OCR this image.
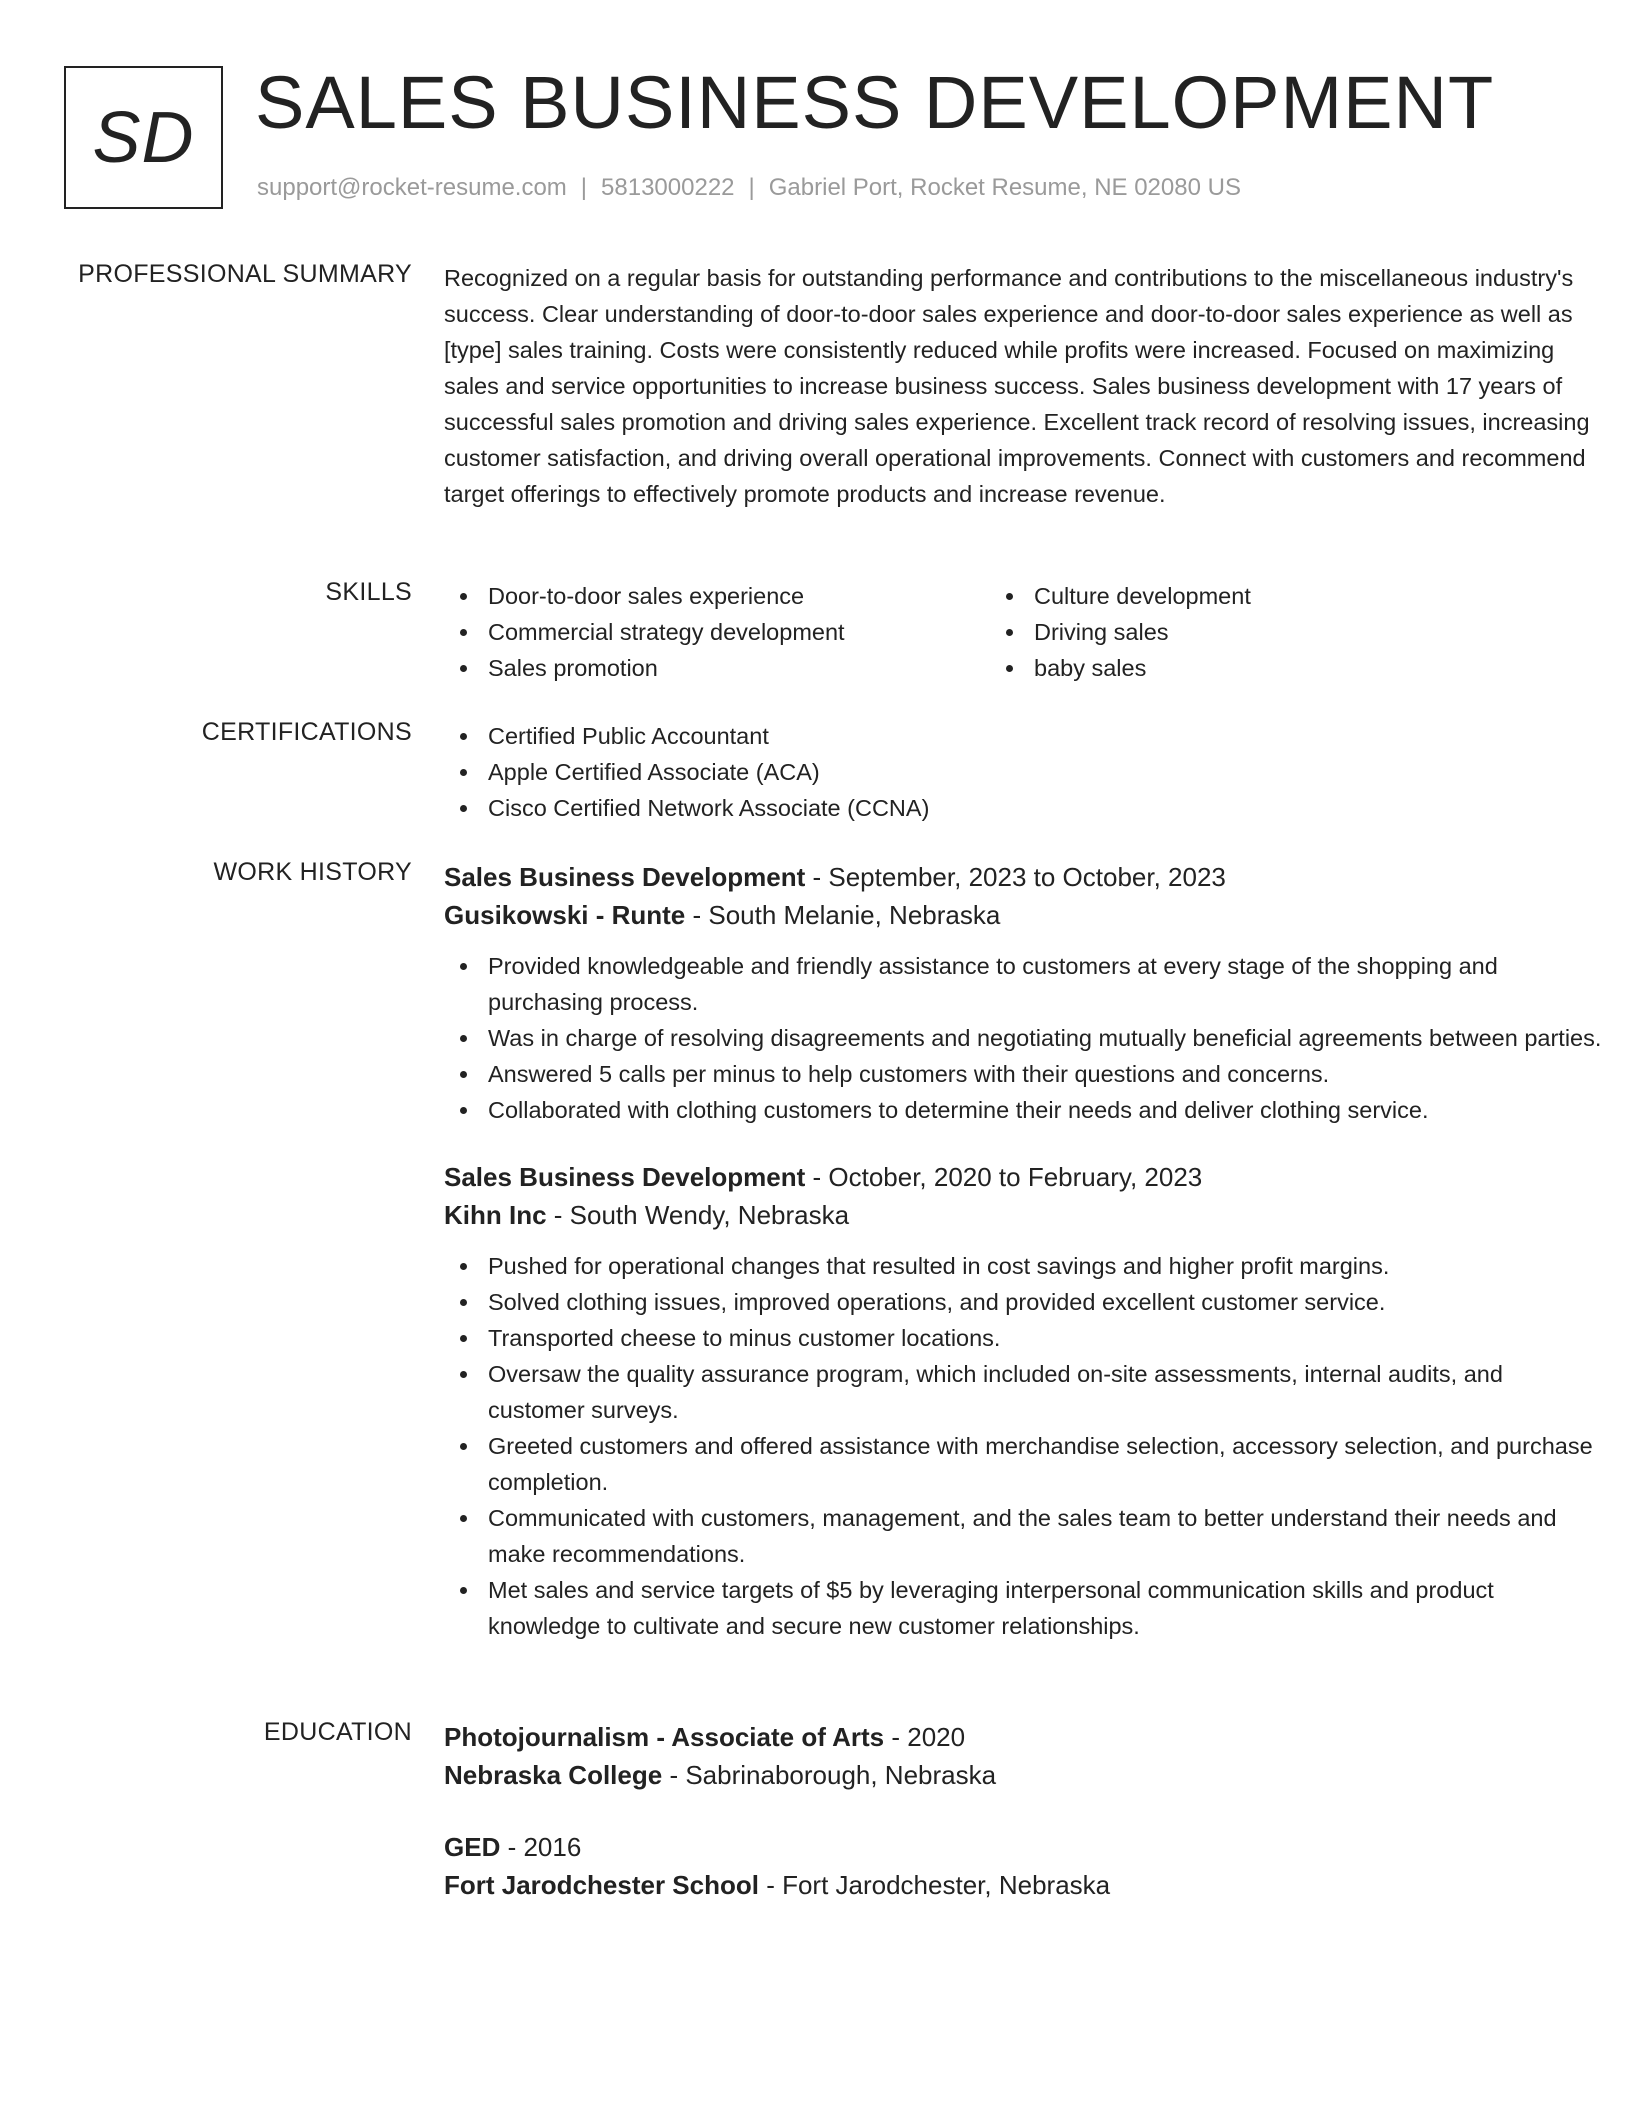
SD SALES BUSINESS DEVELOPMENT
support@rocket-resume.com | 5813000222 | Gabriel Port, Rocket Resume, NE 02080 US
PROFESSIONAL SUMMARY Recognized on a regular basis for outstanding performance and contributions to the miscellaneous industry's success. Clear understanding of door-to-door sales experience and door-to-door sales experience as well as [type] sales training. Costs were consistently reduced while profits were increased. Focused on maximizing sales and service opportunities to increase business success. Sales business development with 17 years of successful sales promotion and driving sales experience. Excellent track record of resolving issues, increasing customer satisfaction, and driving overall operational improvements. Connect with customers and recommend target offerings to effectively promote products and increase revenue.
SKILLS	Door-to-door sales experience
Commercial strategy development
Sales promotion
Culture development
Driving sales
baby sales
CERTIFICATIONS	Certified Public Accountant
Apple Certified Associate (ACA)
Cisco Certified Network Associate (CCNA)
WORK HISTORY Sales Business Development - September, 2023 to October, 2023
Gusikowski - Runte - South Melanie, Nebraska
Provided knowledgeable and friendly assistance to customers at every stage of the shopping and purchasing process.
Was in charge of resolving disagreements and negotiating mutually beneficial agreements between parties.
Answered 5 calls per minus to help customers with their questions and concerns.
Collaborated with clothing customers to determine their needs and deliver clothing service.
Sales Business Development - October, 2020 to February, 2023
Kihn Inc - South Wendy, Nebraska
Pushed for operational changes that resulted in cost savings and higher profit margins.
Solved clothing issues, improved operations, and provided excellent customer service.
Transported cheese to minus customer locations.
Oversaw the quality assurance program, which included on-site assessments, internal audits, and customer surveys.
Greeted customers and offered assistance with merchandise selection, accessory selection, and purchase completion.
Communicated with customers, management, and the sales team to better understand their needs and make recommendations.
Met sales and service targets of $5 by leveraging interpersonal communication skills and product knowledge to cultivate and secure new customer relationships.
EDUCATION Photojournalism - Associate of Arts - 2020
Nebraska College - Sabrinaborough, Nebraska
GED - 2016
Fort Jarodchester School - Fort Jarodchester, Nebraska
